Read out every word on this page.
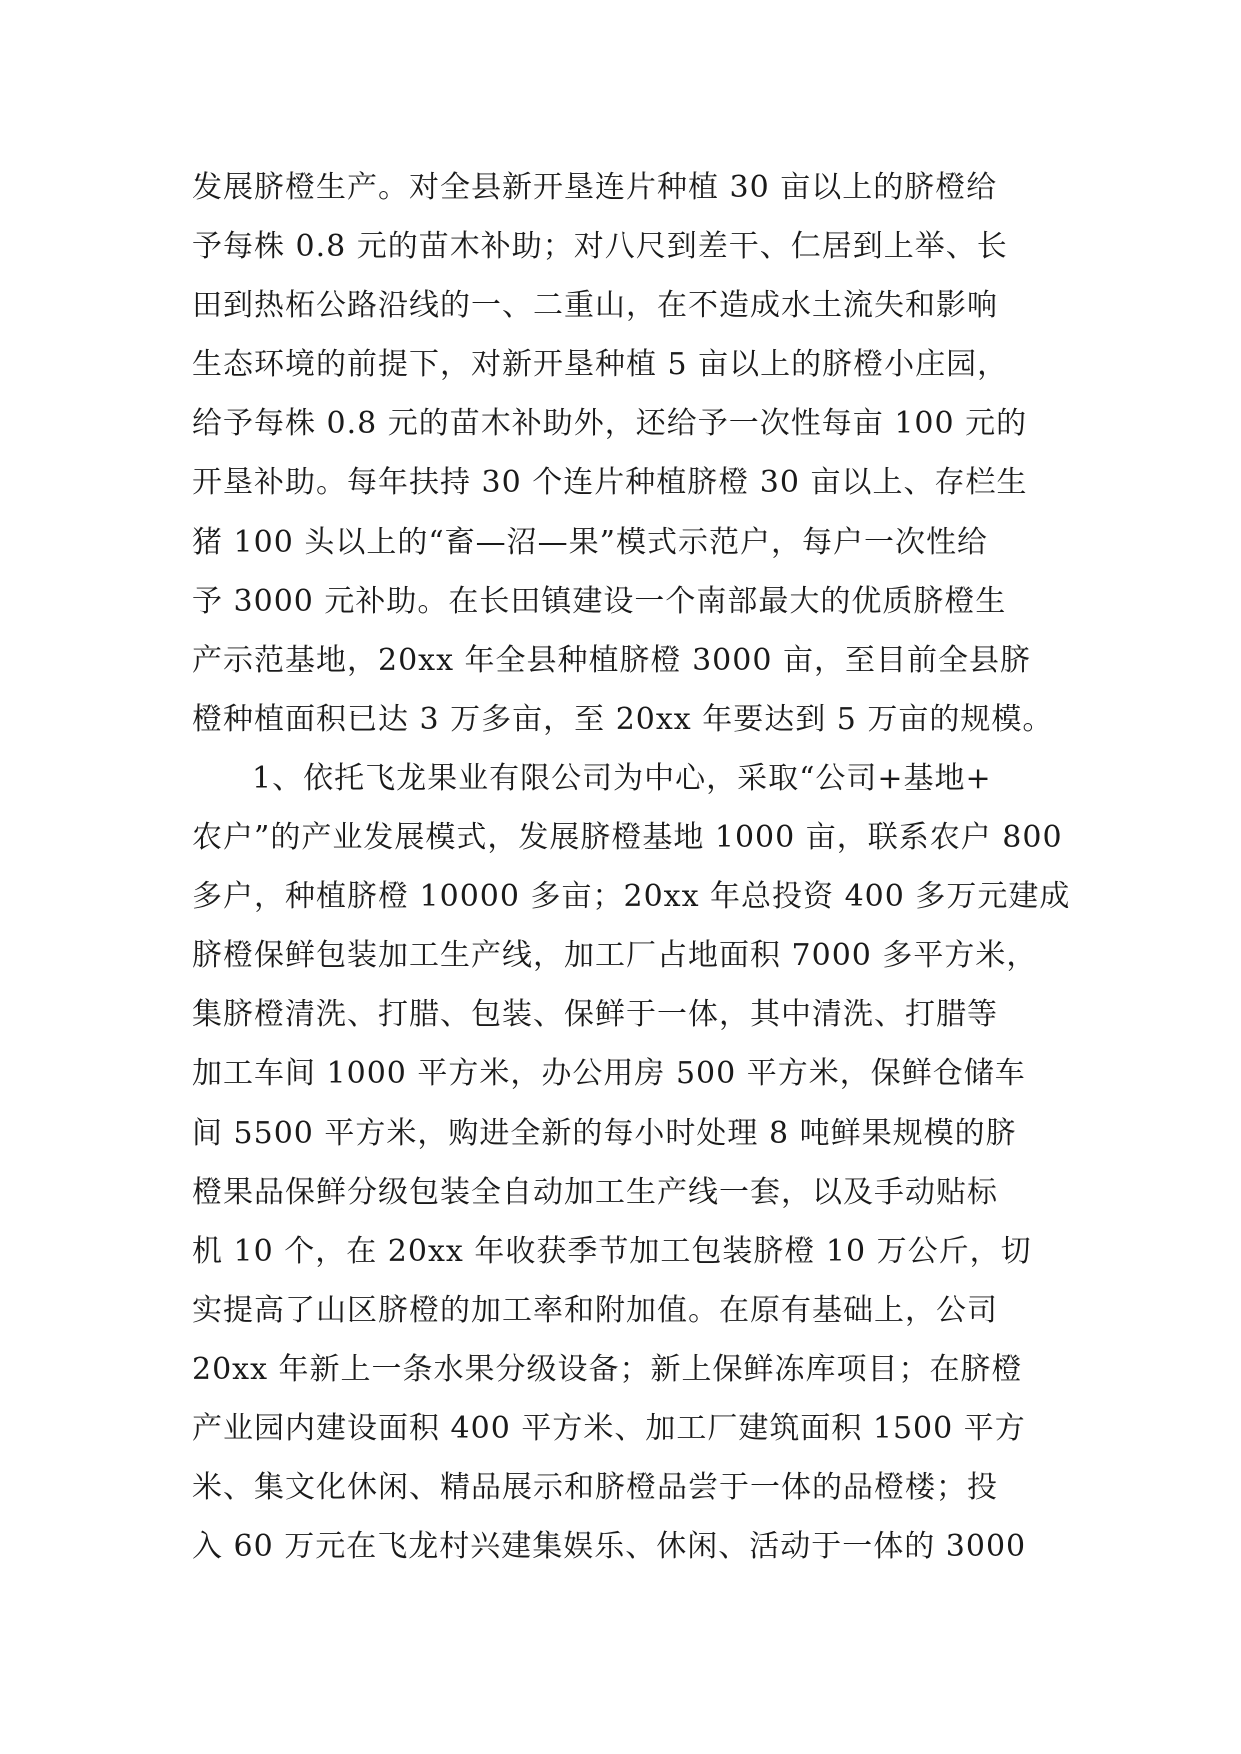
发展脐橙生产。对全县新开垦连片种植 30 亩以上的脐橙给
予每株 0.8 元的苗木补助；对八尺到差干、仁居到上举、长
田到热柘公路沿线的一、二重山，在不造成水土流失和影响
生态环境的前提下，对新开垦种植 5 亩以上的脐橙小庄园，
给予每株 0.8 元的苗木补助外，还给予一次性每亩 100 元的
开垦补助。每年扶持 30 个连片种植脐橙 30 亩以上、存栏生
猪 100 头以上的“畜—沼—果”模式示范户，每户一次性给
予 3000 元补助。在长田镇建设一个南部最大的优质脐橙生
产示范基地，20xx 年全县种植脐橙 3000 亩，至目前全县脐
橙种植面积已达 3 万多亩，至 20xx 年要达到 5 万亩的规模。
1、依托飞龙果业有限公司为中心，采取“公司+基地+
农户”的产业发展模式，发展脐橙基地 1000 亩，联系农户 800
多户，种植脐橙 10000 多亩；20xx 年总投资 400 多万元建成
脐橙保鲜包装加工生产线，加工厂占地面积 7000 多平方米，
集脐橙清洗、打腊、包装、保鲜于一体，其中清洗、打腊等
加工车间 1000 平方米，办公用房 500 平方米，保鲜仓储车
间 5500 平方米，购进全新的每小时处理 8 吨鲜果规模的脐
橙果品保鲜分级包装全自动加工生产线一套，以及手动贴标
机 10 个，在 20xx 年收获季节加工包装脐橙 10 万公斤，切
实提高了山区脐橙的加工率和附加值。在原有基础上，公司
20xx 年新上一条水果分级设备；新上保鲜冻库项目；在脐橙
产业园内建设面积 400 平方米、加工厂建筑面积 1500 平方
米、集文化休闲、精品展示和脐橙品尝于一体的品橙楼；投
入 60 万元在飞龙村兴建集娱乐、休闲、活动于一体的 3000
